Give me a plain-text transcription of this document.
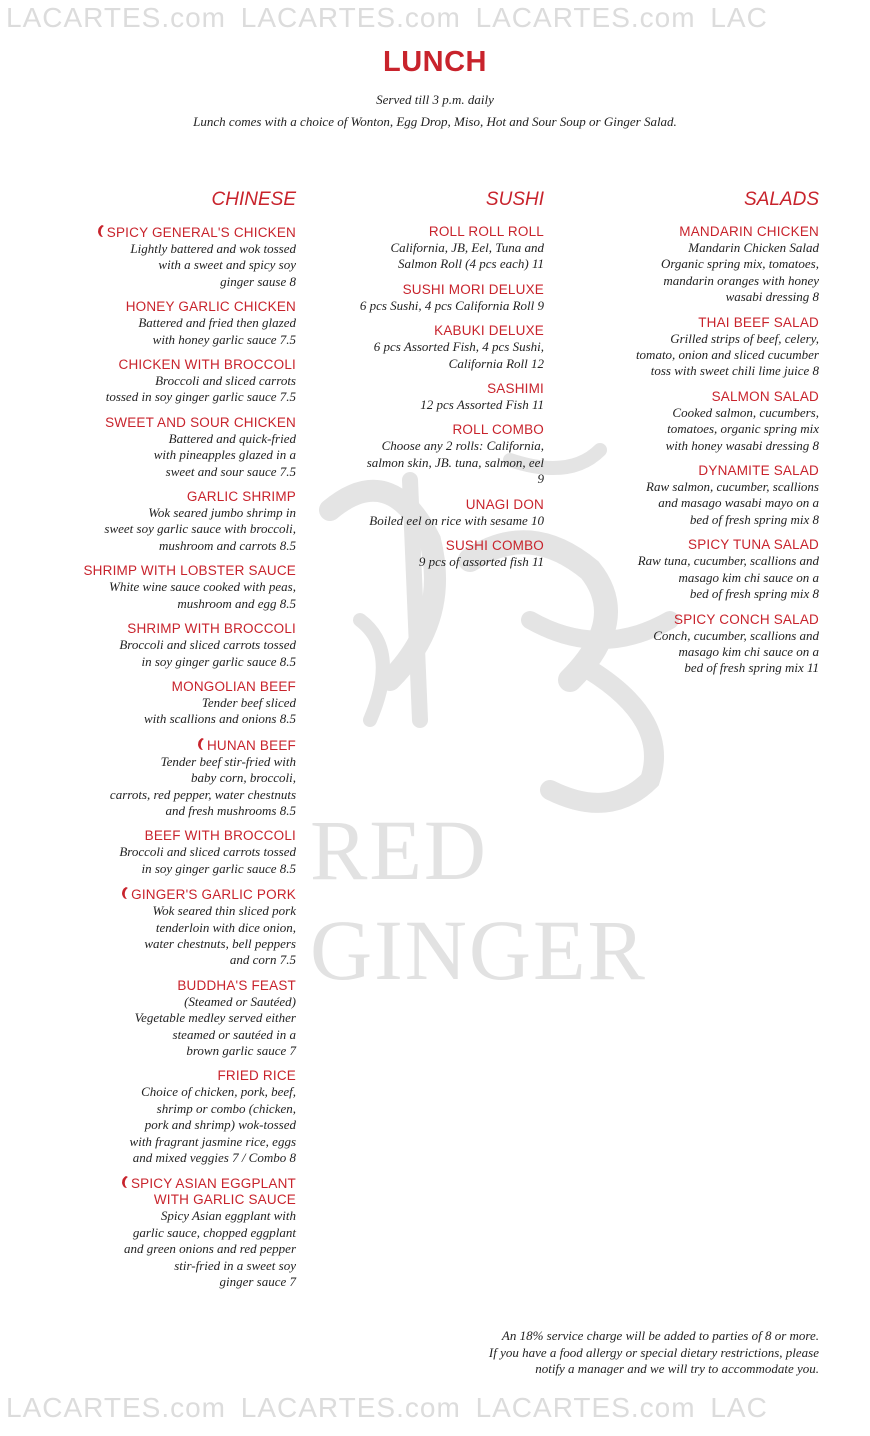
LACARTES.com LACARTES.com LACARTES.com LAC
LACARTES.com LACARTES.com LACARTES.com LAC
RED GINGER
LUNCH
Served till 3 p.m. daily
Lunch comes with a choice of Wonton, Egg Drop, Miso, Hot and Sour Soup or Ginger Salad.
CHINESE
SPICY GENERAL'S CHICKEN
Lightly battered and wok tossed
with a sweet and spicy soy
ginger sause 8
HONEY GARLIC CHICKEN
Battered and fried then glazed
with honey garlic sauce 7.5
CHICKEN WITH BROCCOLI
Broccoli and sliced carrots
tossed in soy ginger garlic sauce 7.5
SWEET AND SOUR CHICKEN
Battered and quick-fried
with pineapples glazed in a
sweet and sour sauce 7.5
GARLIC SHRIMP
Wok seared jumbo shrimp in
sweet soy garlic sauce with broccoli,
mushroom and carrots 8.5
SHRIMP WITH LOBSTER SAUCE
White wine sauce cooked with peas,
mushroom and egg 8.5
SHRIMP WITH BROCCOLI
Broccoli and sliced carrots tossed
in soy ginger garlic sauce 8.5
MONGOLIAN BEEF
Tender beef sliced
with scallions and onions 8.5
HUNAN BEEF
Tender beef stir-fried with
baby corn, broccoli,
carrots, red pepper, water chestnuts
and fresh mushrooms 8.5
BEEF WITH BROCCOLI
Broccoli and sliced carrots tossed
in soy ginger garlic sauce 8.5
GINGER'S GARLIC PORK
Wok seared thin sliced pork
tenderloin with dice onion,
water chestnuts, bell peppers
and corn 7.5
BUDDHA'S FEAST
(Steamed or Sautéed)
Vegetable medley served either
steamed or sautéed in a
brown garlic sauce 7
FRIED RICE
Choice of chicken, pork, beef,
shrimp or combo (chicken,
pork and shrimp) wok-tossed
with fragrant jasmine rice, eggs
and mixed veggies 7 / Combo 8
SPICY ASIAN EGGPLANT
WITH GARLIC SAUCE
Spicy Asian eggplant with
garlic sauce, chopped eggplant
and green onions and red pepper
stir-fried in a sweet soy
ginger sauce 7
SUSHI
ROLL ROLL ROLL
California, JB, Eel, Tuna and
Salmon Roll (4 pcs each) 11
SUSHI MORI DELUXE
6 pcs Sushi, 4 pcs California Roll 9
KABUKI DELUXE
6 pcs Assorted Fish, 4 pcs Sushi,
California Roll 12
SASHIMI
12 pcs Assorted Fish 11
ROLL COMBO
Choose any 2 rolls: California,
salmon skin, JB. tuna, salmon, eel
9
UNAGI DON
Boiled eel on rice with sesame 10
SUSHI COMBO
9 pcs of assorted fish 11
SALADS
MANDARIN CHICKEN
Mandarin Chicken Salad
Organic spring mix, tomatoes,
mandarin oranges with honey
wasabi dressing 8
THAI BEEF SALAD
Grilled strips of beef, celery,
tomato, onion and sliced cucumber
toss with sweet chili lime juice 8
SALMON SALAD
Cooked salmon, cucumbers,
tomatoes, organic spring mix
with honey wasabi dressing 8
DYNAMITE SALAD
Raw salmon, cucumber, scallions
and masago wasabi mayo on a
bed of fresh spring mix 8
SPICY TUNA SALAD
Raw tuna, cucumber, scallions and
masago kim chi sauce on a
bed of fresh spring mix 8
SPICY CONCH SALAD
Conch, cucumber, scallions and
masago kim chi sauce on a
bed of fresh spring mix 11
An 18% service charge will be added to parties of 8 or more.
If you have a food allergy or special dietary restrictions, please
notify a manager and we will try to accommodate you.
